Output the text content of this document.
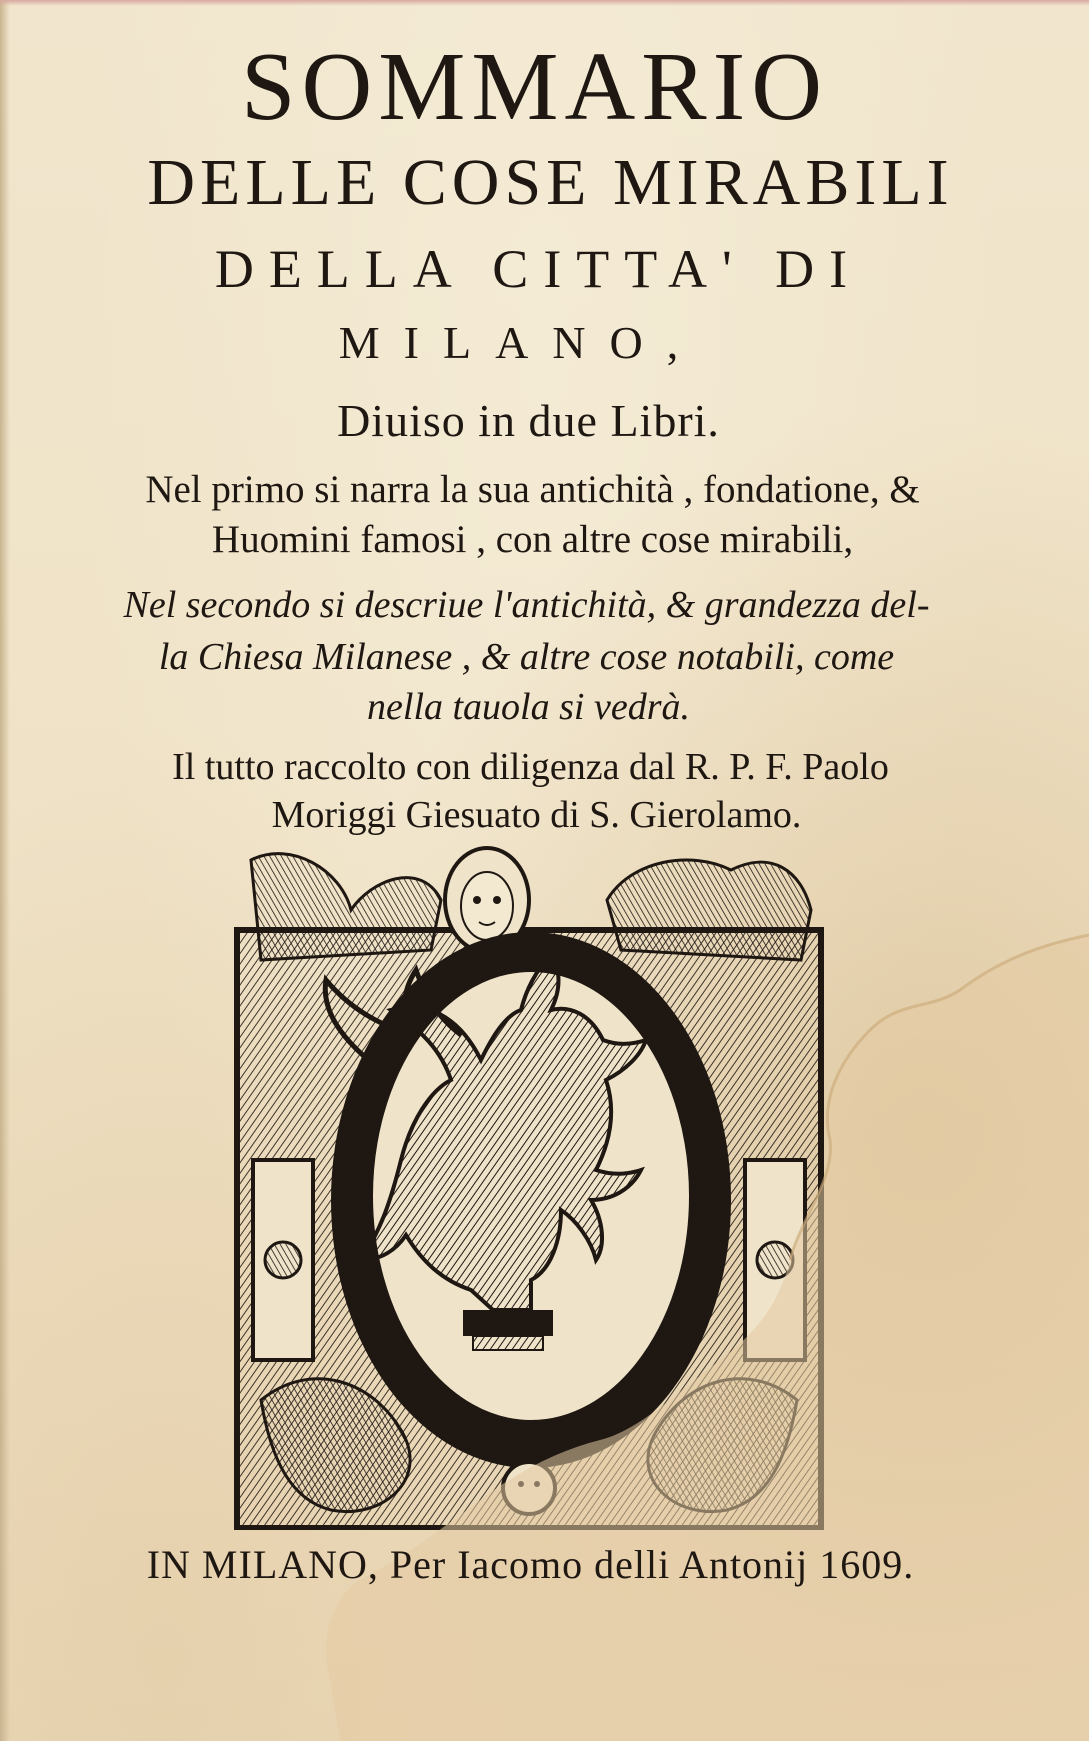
SOMMARIO
DELLE COSE MIRABILI
DELLA CITTA' DI
MILANO,
Diuiso in due Libri.
Nel primo si narra la sua antichità , fondatione, &
Huomini famosi , con altre cose mirabili,
Nel secondo si descriue l'antichità, & grandezza del-
la Chiesa Milanese , & altre cose notabili, come
nella tauola si vedrà.
Il tutto raccolto con diligenza dal R. P. F. Paolo
Moriggi Giesuato di S. Gierolamo.
IN MILANO, Per Iacomo delli Antonij 1609.
